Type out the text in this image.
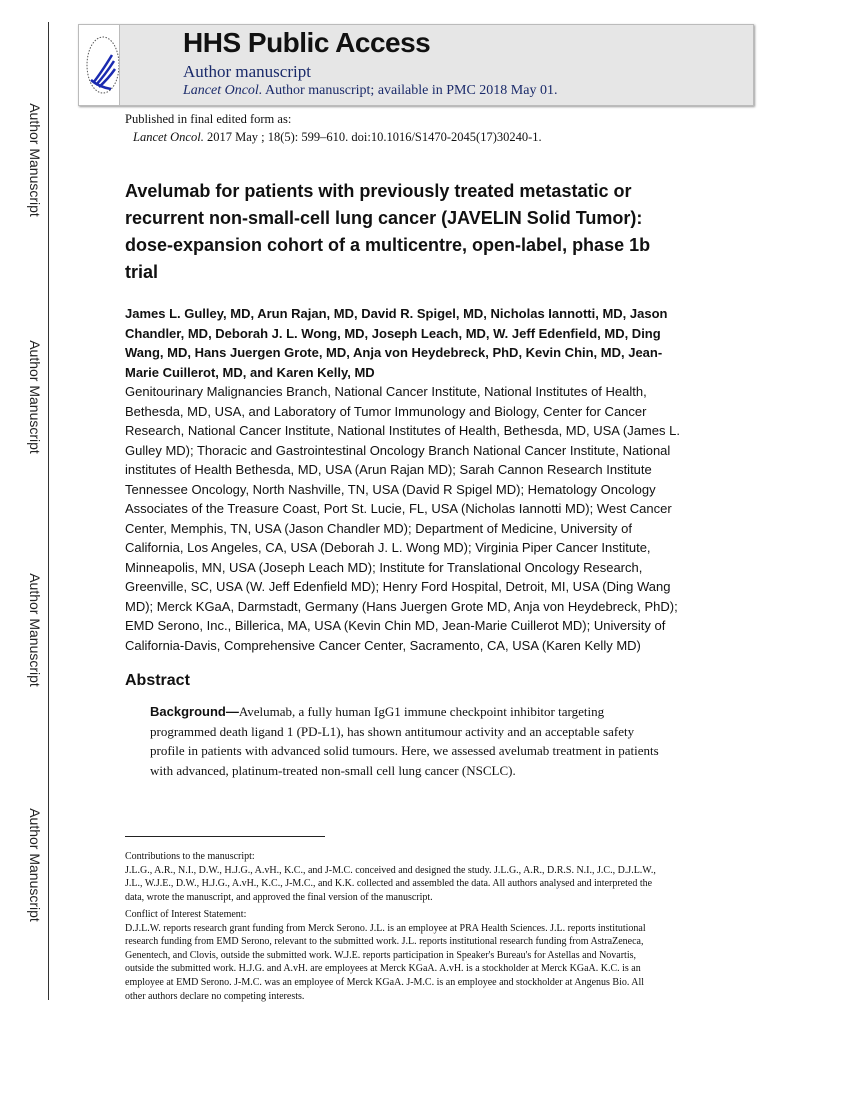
Author Manuscript
Author Manuscript
Author Manuscript
Author Manuscript
HHS Public Access
Author manuscript
Lancet Oncol. Author manuscript; available in PMC 2018 May 01.
Published in final edited form as:
Lancet Oncol. 2017 May ; 18(5): 599–610. doi:10.1016/S1470-2045(17)30240-1.
Avelumab for patients with previously treated metastatic or
recurrent non-small-cell lung cancer (JAVELIN Solid Tumor):
dose-expansion cohort of a multicentre, open-label, phase 1b
trial
James L. Gulley, MD, Arun Rajan, MD, David R. Spigel, MD, Nicholas Iannotti, MD, Jason
Chandler, MD, Deborah J. L. Wong, MD, Joseph Leach, MD, W. Jeff Edenfield, MD, Ding
Wang, MD, Hans Juergen Grote, MD, Anja von Heydebreck, PhD, Kevin Chin, MD, Jean-
Marie Cuillerot, MD, and Karen Kelly, MD
Genitourinary Malignancies Branch, National Cancer Institute, National Institutes of Health,
Bethesda, MD, USA, and Laboratory of Tumor Immunology and Biology, Center for Cancer
Research, National Cancer Institute, National Institutes of Health, Bethesda, MD, USA (James L.
Gulley MD); Thoracic and Gastrointestinal Oncology Branch National Cancer Institute, National
institutes of Health Bethesda, MD, USA (Arun Rajan MD); Sarah Cannon Research Institute
Tennessee Oncology, North Nashville, TN, USA (David R Spigel MD); Hematology Oncology
Associates of the Treasure Coast, Port St. Lucie, FL, USA (Nicholas Iannotti MD); West Cancer
Center, Memphis, TN, USA (Jason Chandler MD); Department of Medicine, University of
California, Los Angeles, CA, USA (Deborah J. L. Wong MD); Virginia Piper Cancer Institute,
Minneapolis, MN, USA (Joseph Leach MD); Institute for Translational Oncology Research,
Greenville, SC, USA (W. Jeff Edenfield MD); Henry Ford Hospital, Detroit, MI, USA (Ding Wang
MD); Merck KGaA, Darmstadt, Germany (Hans Juergen Grote MD, Anja von Heydebreck, PhD);
EMD Serono, Inc., Billerica, MA, USA (Kevin Chin MD, Jean-Marie Cuillerot MD); University of
California-Davis, Comprehensive Cancer Center, Sacramento, CA, USA (Karen Kelly MD)
Abstract
Background—Avelumab, a fully human IgG1 immune checkpoint inhibitor targeting
programmed death ligand 1 (PD-L1), has shown antitumour activity and an acceptable safety
profile in patients with advanced solid tumours. Here, we assessed avelumab treatment in patients
with advanced, platinum-treated non-small cell lung cancer (NSCLC).
Contributions to the manuscript:
J.L.G., A.R., N.I., D.W., H.J.G., A.vH., K.C., and J-M.C. conceived and designed the study. J.L.G., A.R., D.R.S. N.I., J.C., D.J.L.W.,
J.L., W.J.E., D.W., H.J.G., A.vH., K.C., J-M.C., and K.K. collected and assembled the data. All authors analysed and interpreted the
data, wrote the manuscript, and approved the final version of the manuscript.
Conflict of Interest Statement:
D.J.L.W. reports research grant funding from Merck Serono. J.L. is an employee at PRA Health Sciences. J.L. reports institutional
research funding from EMD Serono, relevant to the submitted work. J.L. reports institutional research funding from AstraZeneca,
Genentech, and Clovis, outside the submitted work. W.J.E. reports participation in Speaker's Bureau's for Astellas and Novartis,
outside the submitted work. H.J.G. and A.vH. are employees at Merck KGaA. A.vH. is a stockholder at Merck KGaA. K.C. is an
employee at EMD Serono. J-M.C. was an employee of Merck KGaA. J-M.C. is an employee and stockholder at Angenus Bio. All
other authors declare no competing interests.
